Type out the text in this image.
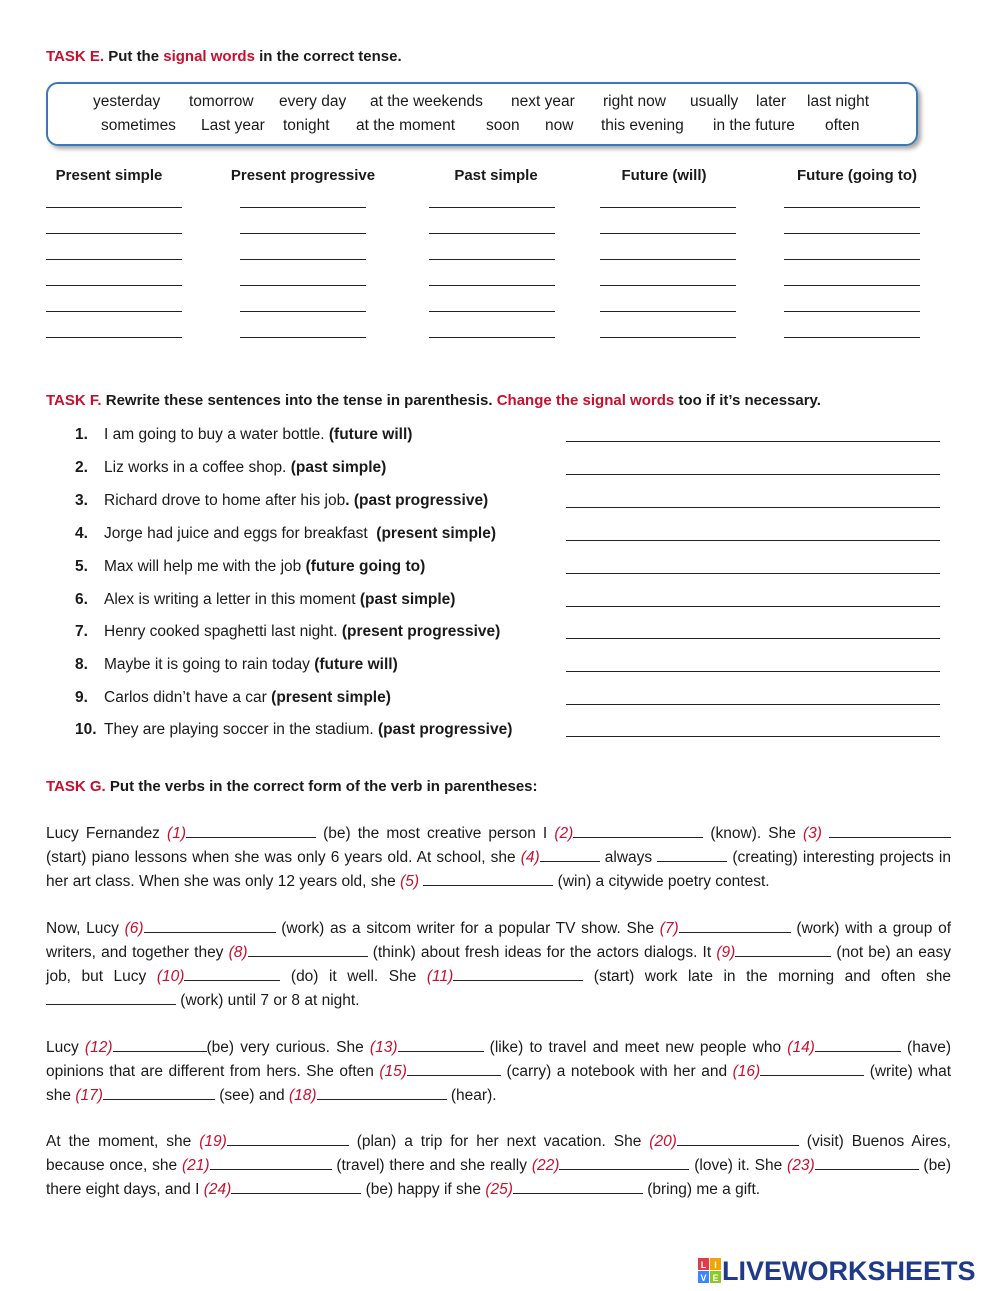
TASK E. Put the signal words in the correct tense.
yesterday tomorrow every day at the weekends next year right now usually later last night
sometimes Last year tonight at the moment soon now this evening in the future often
Present simple	Present progressive	Past simple	Future (will)	Future (going to)
TASK F. Rewrite these sentences into the tense in parenthesis. Change the signal words too if it’s necessary.
1. I am going to buy a water bottle. (future will)
2. Liz works in a coffee shop. (past simple)
3. Richard drove to home after his job. (past progressive)
4. Jorge had juice and eggs for breakfast  (present simple)
5. Max will help me with the job (future going to)
6. Alex is writing a letter in this moment (past simple)
7. Henry cooked spaghetti last night. (present progressive)
8. Maybe it is going to rain today (future will)
9. Carlos didn’t have a car (present simple)
10. They are playing soccer in the stadium. (past progressive)
TASK G. Put the verbs in the correct form of the verb in parentheses:
Lucy Fernandez (1)	(be) the most creative person I (2)	(know). She (3)  (start) piano lessons when she was only 6 years old. At school, she (4)	always	(creating) interesting projects in her art class. When she was only 12 years old, she (5)	(win) a citywide poetry contest.
Now, Lucy (6)	(work) as a sitcom writer for a popular TV show. She (7)	(work) with a group of writers, and together they (8)	(think) about fresh ideas for the actors dialogs. It (9)	(not be) an easy job, but Lucy (10)	(do) it well. She (11)	(start) work late in the morning and often she  (work) until 7 or 8 at night.
Lucy (12)	(be) very curious. She (13)	(like) to travel and meet new people who (14)	(have) opinions that are different from hers. She often (15)	(carry) a notebook with her and (16)	(write) what she (17)	(see) and (18)	(hear).
At the moment, she (19)	(plan) a trip for her next vacation. She (20)	(visit) Buenos Aires, because once, she (21)	(travel) there and she really (22)	(love) it. She (23)	(be) there eight days, and I (24)	(be) happy if she (25)	(bring) me a gift.
L I
V E LIVEWORKSHEETS
